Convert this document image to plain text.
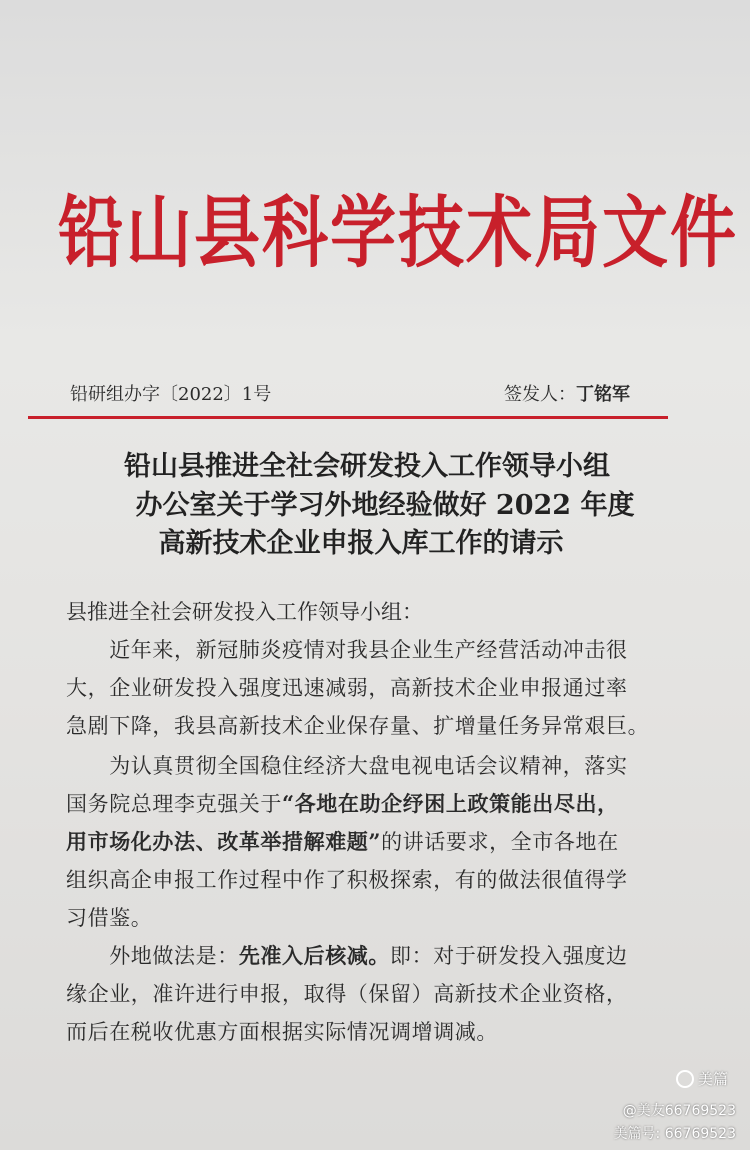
铅山县科学技术局文件
铅研组办字〔2022〕1号	签发人：丁铭军
铅山县推进全社会研发投入工作领导小组
办公室关于学习外地经验做好 2022 年度
高新技术企业申报入库工作的请示
县推进全社会研发投入工作领导小组：
　　近年来，新冠肺炎疫情对我县企业生产经营活动冲击很
大，企业研发投入强度迅速减弱，高新技术企业申报通过率
急剧下降，我县高新技术企业保存量、扩增量任务异常艰巨。
　　为认真贯彻全国稳住经济大盘电视电话会议精神，落实
国务院总理李克强关于“各地在助企纾困上政策能出尽出，
用市场化办法、改革举措解难题”的讲话要求，全市各地在
组织高企申报工作过程中作了积极探索，有的做法很值得学
习借鉴。
　　外地做法是：先准入后核减。即：对于研发投入强度边
缘企业，准许进行申报，取得（保留）高新技术企业资格，
而后在税收优惠方面根据实际情况调增调减。
美篇
@美友66769523
美篇号: 66769523
